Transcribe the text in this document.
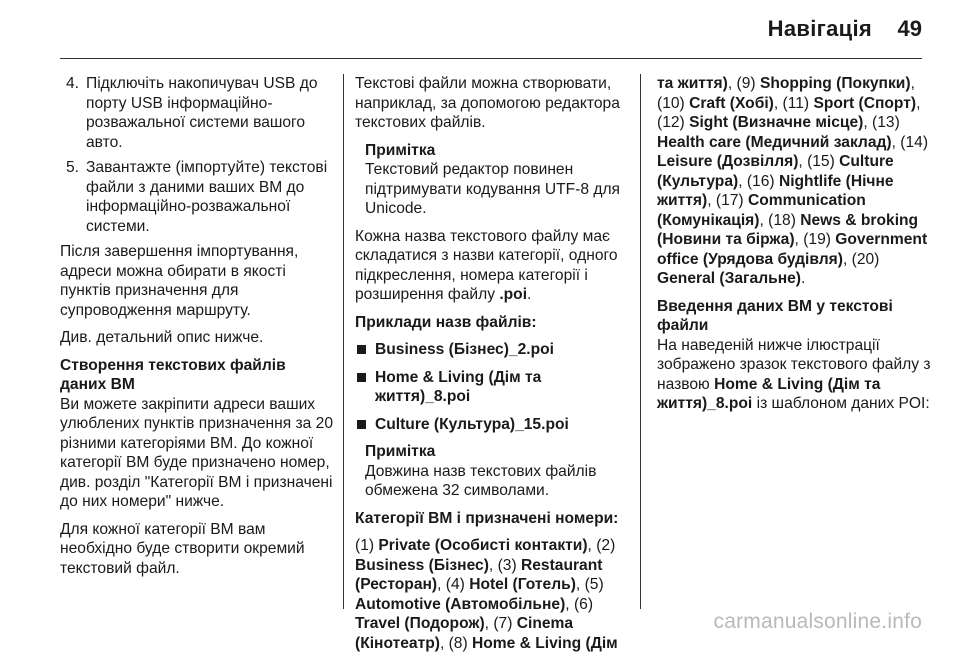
Навігація 49
4. Підключіть накопичувач USB до порту USB інформаційно-розважальної системи вашого авто.
5. Завантажте (імпортуйте) текстові файли з даними ваших ВМ до інформаційно-розважальної системи.

Після завершення імпортування, адреси можна обирати в якості пунктів призначення для супроводження маршруту.

Див. детальний опис нижче.

Створення текстових файлів даних ВМ

Ви можете закріпити адреси ваших улюблених пунктів призначення за 20 різними категоріями ВМ. До кожної категорії ВМ буде призначено номер, див. розділ "Категорії ВМ і призначені до них номери" нижче.

Для кожної категорії ВМ вам необхідно буде створити окремий текстовий файл.

Текстові файли можна створювати, наприклад, за допомогою редактора текстових файлів.

Примітка
Текстовий редактор повинен підтримувати кодування UTF-8 для Unicode.

Кожна назва текстового файлу має складатися з назви категорії, одного підкреслення, номера категорії і розширення файлу .poi.

Приклади назв файлів:
Business (Бізнес)_2.poi
Home & Living (Дім та життя)_8.poi
Culture (Культура)_15.poi
Примітка
Довжина назв текстових файлів обмежена 32 символами.
Категорії ВМ і призначені номери:

(1) Private (Особисті контакти), (2) Business (Бізнес), (3) Restaurant (Ресторан), (4) Hotel (Готель), (5) Automotive (Автомобільне), (6) Travel (Подорож), (7) Cinema (Кінотеатр), (8) Home & Living (Дім

та життя), (9) Shopping (Покупки), (10) Craft (Хобі), (11) Sport (Спорт), (12) Sight (Визначне місце), (13) Health care (Медичний заклад), (14) Leisure (Дозвілля), (15) Culture (Культура), (16) Nightlife (Нічне життя), (17) Communication (Комунікація), (18) News & broking (Новини та біржа), (19) Government office (Урядова будівля), (20) General (Загальне).

Введення даних ВМ у текстові файли

На наведеній нижче ілюстрації зображено зразок текстового файлу з назвою Home & Living (Дім та життя)_8.poi із шаблоном даних POI:

carmanualsonline.info
